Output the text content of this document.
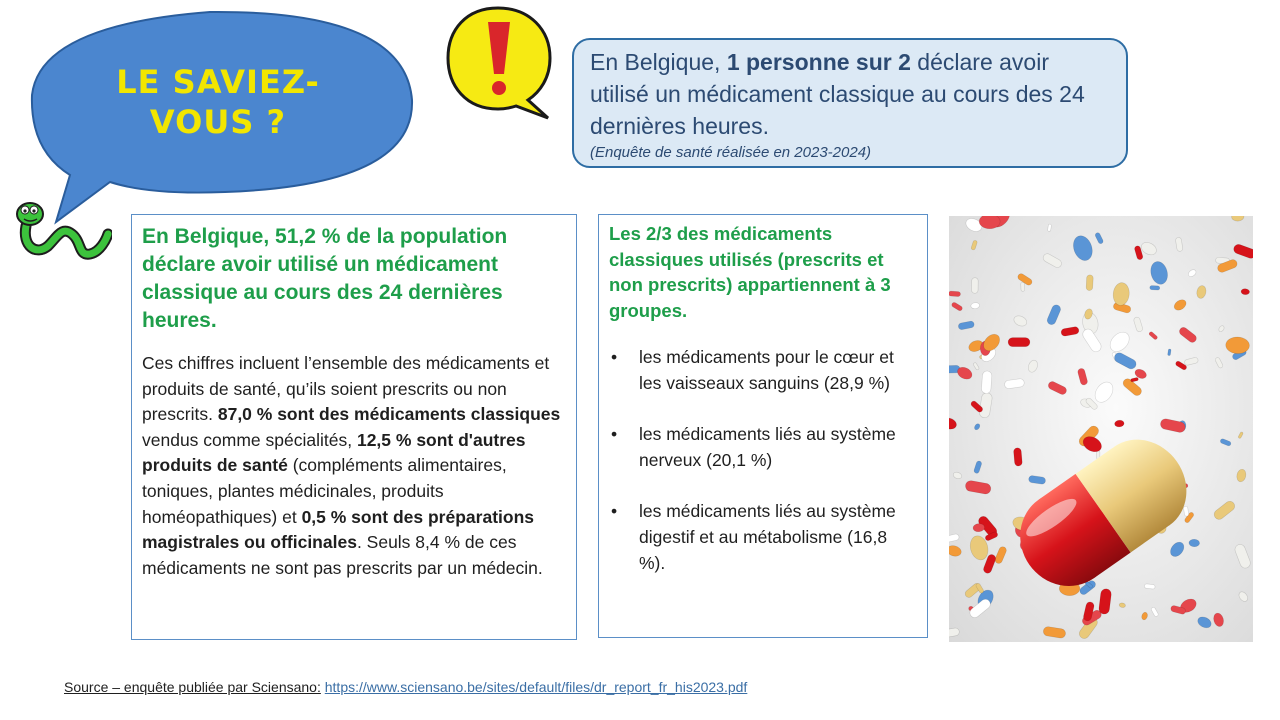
LE SAVIEZ-
VOUS ?
En Belgique, 1 personne sur 2 déclare avoir utilisé un médicament classique au cours des 24 dernières heures.
(Enquête de santé réalisée en 2023-2024)
En Belgique, 51,2 % de la population déclare avoir utilisé un médicament classique au cours des 24 dernières heures.
Ces chiffres incluent l’ensemble des médicaments et produits de santé, qu’ils soient prescrits ou non prescrits. 87,0 % sont des médicaments classiques vendus comme spécialités, 12,5 % sont d'autres produits de santé (compléments alimentaires, toniques, plantes médicinales, produits homéopathiques) et 0,5 % sont des préparations magistrales ou officinales. Seuls 8,4 % de ces médicaments ne sont pas prescrits par un médecin.
Les 2/3 des médicaments classiques utilisés (prescrits et non prescrits) appartiennent à 3 groupes.
• les médicaments pour le cœur et les vaisseaux sanguins (28,9 %)
• les médicaments liés au système nerveux (20,1 %)
• les médicaments liés au système digestif et au métabolisme (16,8 %).
Source – enquête publiée par Sciensano: https://www.sciensano.be/sites/default/files/dr_report_fr_his2023.pdf
